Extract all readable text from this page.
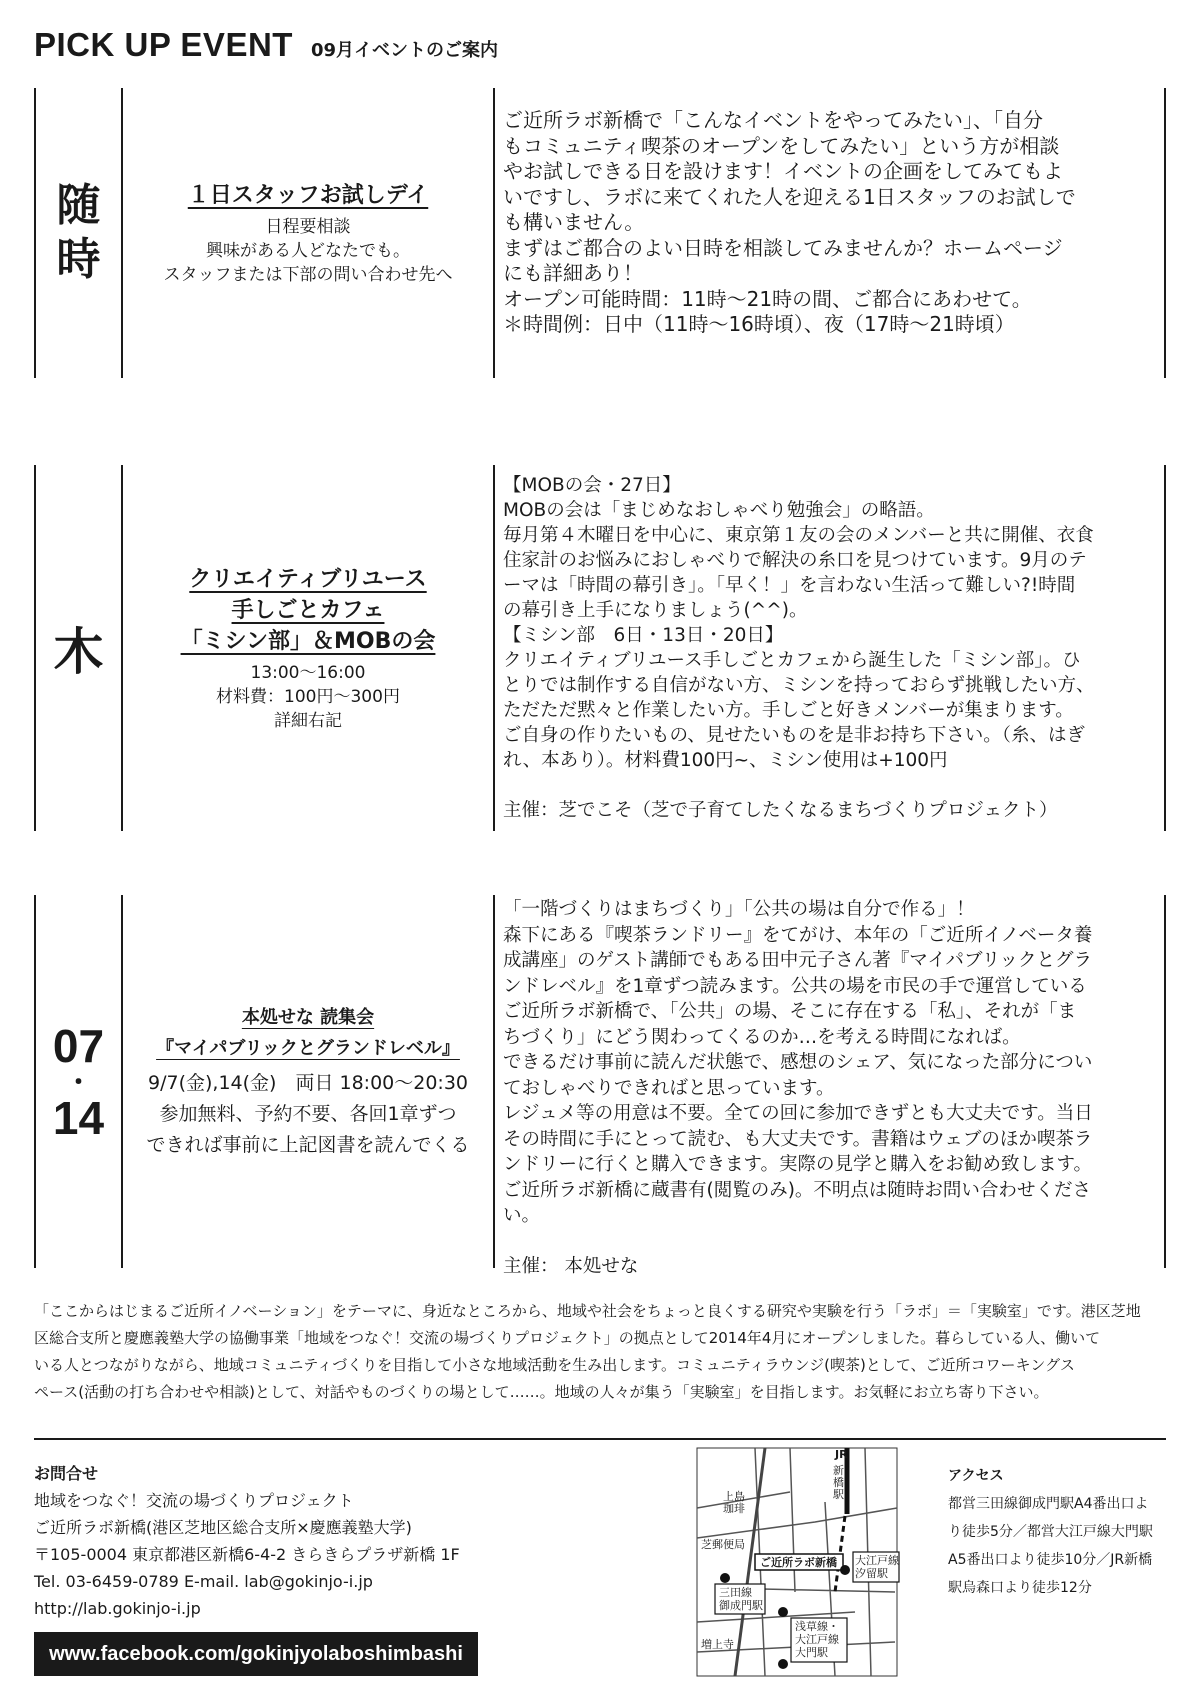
PICK UP EVENT 09月イベントのご案内
随
時
１日スタッフお試しデイ
日程要相談
興味がある人どなたでも。
スタッフまたは下部の問い合わせ先へ

ご近所ラボ新橋で「こんなイベントをやってみたい」、「自分

もコミュニティ喫茶のオープンをしてみたい」という方が相談

やお試しできる日を設けます！イベントの企画をしてみてもよ

いですし、ラボに来てくれた人を迎える1日スタッフのお試しで

も構いません。

まずはご都合のよい日時を相談してみませんか？ホームページ

にも詳細あり！

オープン可能時間：11時〜21時の間、ご都合にあわせて。

＊時間例：日中（11時〜16時頃）、夜（17時〜21時頃）

木
クリエイティブリユース
手しごとカフェ
「ミシン部」＆MOBの会
13:00〜16:00
材料費：100円〜300円
詳細右記

【MOBの会・27日】

MOBの会は「まじめなおしゃべり勉強会」の略語。

毎月第４木曜日を中心に、東京第１友の会のメンバーと共に開催、衣食

住家計のお悩みにおしゃべりで解決の糸口を見つけています。9月のテ

ーマは「時間の幕引き」。「早く！」を言わない生活って難しい?!時間

の幕引き上手になりましょう(^^)。

【ミシン部　6日・13日・20日】

クリエイティブリユース手しごとカフェから誕生した「ミシン部」。ひ

とりでは制作する自信がない方、ミシンを持っておらず挑戦したい方、

ただただ黙々と作業したい方。手しごと好きメンバーが集まります。

ご自身の作りたいもの、見せたいものを是非お持ち下さい。（糸、はぎ

れ、本あり）。材料費100円~、ミシン使用は+100円

主催：芝でこそ（芝で子育てしたくなるまちづくりプロジェクト）

07
・
14
本処せな 読集会
『マイパブリックとグランドレベル』
9/7(金),14(金)　両日 18:00〜20:30
参加無料、予約不要、各回1章ずつ
できれば事前に上記図書を読んでくる

「一階づくりはまちづくり」「公共の場は自分で作る」！

森下にある『喫茶ランドリー』をてがけ、本年の「ご近所イノベータ養

成講座」のゲスト講師でもある田中元子さん著『マイパブリックとグラ

ンドレベル』を1章ずつ読みます。公共の場を市民の手で運営している

ご近所ラボ新橋で、「公共」の場、そこに存在する「私」、それが「ま

ちづくり」にどう関わってくるのか…を考える時間になれば。

できるだけ事前に読んだ状態で、感想のシェア、気になった部分につい

ておしゃべりできればと思っています。

レジュメ等の用意は不要。全ての回に参加できずとも大丈夫です。当日

その時間に手にとって読む、も大丈夫です。書籍はウェブのほか喫茶ラ

ンドリーに行くと購入できます。実際の見学と購入をお勧め致します。

ご近所ラボ新橋に蔵書有(閲覧のみ)。不明点は随時お問い合わせくださ

い。

主催： 本処せな

「ここからはじまるご近所イノベーション」をテーマに、身近なところから、地域や社会をちょっと良くする研究や実験を行う「ラボ」＝「実験室」です。港区芝地
区総合支所と慶應義塾大学の協働事業「地域をつなぐ！交流の場づくりプロジェクト」の拠点として2014年4月にオープンしました。暮らしている人、働いて
いる人とつながりながら、地域コミュニティづくりを目指して小さな地域活動を生み出します。コミュニティラウンジ(喫茶)として、ご近所コワーキングス
ペース(活動の打ち合わせや相談)として、対話やものづくりの場として……。地域の人々が集う「実験室」を目指します。お気軽にお立ち寄り下さい。
お問合せ
地域をつなぐ！交流の場づくりプロジェクト
ご近所ラボ新橋(港区芝地区総合支所×慶應義塾大学)
〒105-0004 東京都港区新橋6-4-2 きらきらプラザ新橋 1F
Tel. 03-6459-0789 E-mail. lab@gokinjo-i.jp
http://lab.gokinjo-i.jp
www.facebook.com/gokinjyolaboshimbashi
JR
新
橋
駅
上島
珈琲
芝郵便局
ご近所ラボ新橋 大江戸線
汐留駅
三田線
御成門駅
浅草線・
大江戸線
大門駅
増上寺
アクセス
都営三田線御成門駅A4番出口よ
り徒歩5分／都営大江戸線大門駅
A5番出口より徒歩10分／JR新橋
駅烏森口より徒歩12分
